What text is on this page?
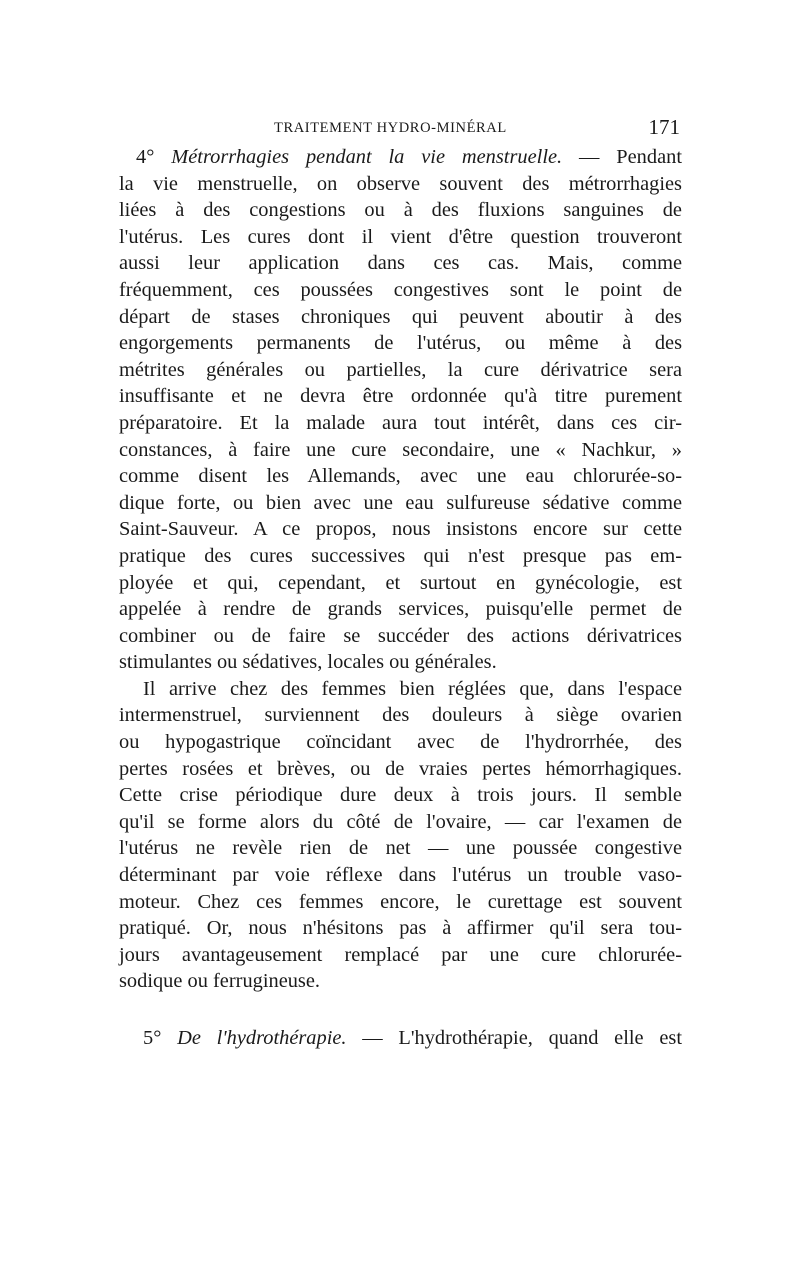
TRAITEMENT HYDRO-MINÉRAL	171
4° Métrorrhagies pendant la vie menstruelle. — Pendant
la vie menstruelle, on observe souvent des métrorrhagies
liées à des congestions ou à des fluxions sanguines de
l'utérus. Les cures dont il vient d'être question trouveront
aussi leur application dans ces cas. Mais, comme
fréquemment, ces poussées congestives sont le point de
départ de stases chroniques qui peuvent aboutir à des
engorgements permanents de l'utérus, ou même à des
métrites générales ou partielles, la cure dérivatrice sera
insuffisante et ne devra être ordonnée qu'à titre purement
préparatoire. Et la malade aura tout intérêt, dans ces cir-
constances, à faire une cure secondaire, une « Nachkur, »
comme disent les Allemands, avec une eau chlorurée-so-
dique forte, ou bien avec une eau sulfureuse sédative comme
Saint-Sauveur. A ce propos, nous insistons encore sur cette
pratique des cures successives qui n'est presque pas em-
ployée et qui, cependant, et surtout en gynécologie, est
appelée à rendre de grands services, puisqu'elle permet de
combiner ou de faire se succéder des actions dérivatrices
stimulantes ou sédatives, locales ou générales.
Il arrive chez des femmes bien réglées que, dans l'espace
intermenstruel, surviennent des douleurs à siège ovarien
ou hypogastrique coïncidant avec de l'hydrorrhée, des
pertes rosées et brèves, ou de vraies pertes hémorrhagiques.
Cette crise périodique dure deux à trois jours. Il semble
qu'il se forme alors du côté de l'ovaire, — car l'examen de
l'utérus ne revèle rien de net — une poussée congestive
déterminant par voie réflexe dans l'utérus un trouble vaso-
moteur. Chez ces femmes encore, le curettage est souvent
pratiqué. Or, nous n'hésitons pas à affirmer qu'il sera tou-
jours avantageusement remplacé par une cure chlorurée-
sodique ou ferrugineuse.
5° De l'hydrothérapie. — L'hydrothérapie, quand elle est
